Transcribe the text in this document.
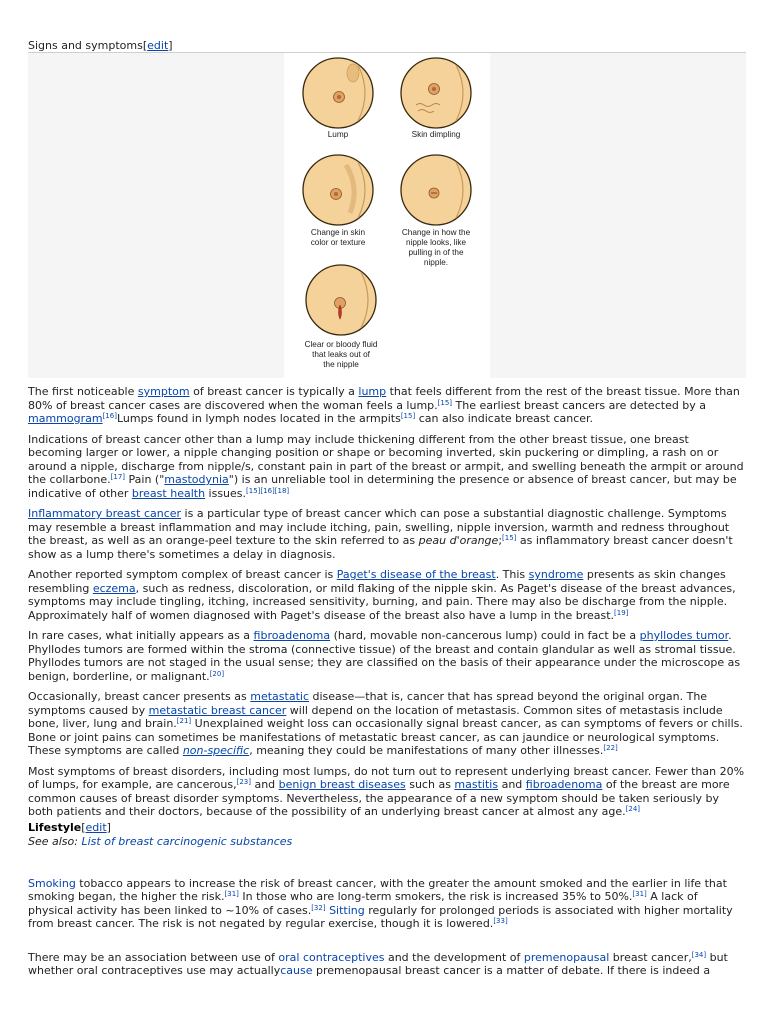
Signs and symptoms[edit]
Lump	Skin dimpling
Change in skin
color or texture
Change in how the
nipple looks, like
pulling in of the
nipple.
Clear or bloody fluid
that leaks out of
the nipple

The first noticeable symptom of breast cancer is typically a lump that feels different from the rest of the breast tissue. More than 80% of breast cancer cases are discovered when the woman feels a lump.[15] The earliest breast cancers are detected by a mammogram[16]Lumps found in lymph nodes located in the armpits[15] can also indicate breast cancer.

Indications of breast cancer other than a lump may include thickening different from the other breast tissue, one breast becoming larger or lower, a nipple changing position or shape or becoming inverted, skin puckering or dimpling, a rash on or around a nipple, discharge from nipple/s, constant pain in part of the breast or armpit, and swelling beneath the armpit or around the collarbone.[17] Pain ("mastodynia") is an unreliable tool in determining the presence or absence of breast cancer, but may be indicative of other breast health issues.[15][16][18]

Inflammatory breast cancer is a particular type of breast cancer which can pose a substantial diagnostic challenge. Symptoms may resemble a breast inflammation and may include itching, pain, swelling, nipple inversion, warmth and redness throughout the breast, as well as an orange-peel texture to the skin referred to as peau d'orange;[15] as inflammatory breast cancer doesn't show as a lump there's sometimes a delay in diagnosis.

Another reported symptom complex of breast cancer is Paget's disease of the breast. This syndrome presents as skin changes resembling eczema, such as redness, discoloration, or mild flaking of the nipple skin. As Paget's disease of the breast advances, symptoms may include tingling, itching, increased sensitivity, burning, and pain. There may also be discharge from the nipple. Approximately half of women diagnosed with Paget's disease of the breast also have a lump in the breast.[19]

In rare cases, what initially appears as a fibroadenoma (hard, movable non-cancerous lump) could in fact be a phyllodes tumor. Phyllodes tumors are formed within the stroma (connective tissue) of the breast and contain glandular as well as stromal tissue. Phyllodes tumors are not staged in the usual sense; they are classified on the basis of their appearance under the microscope as benign, borderline, or malignant.[20]

Occasionally, breast cancer presents as metastatic disease—that is, cancer that has spread beyond the original organ. The symptoms caused by metastatic breast cancer will depend on the location of metastasis. Common sites of metastasis include bone, liver, lung and brain.[21] Unexplained weight loss can occasionally signal breast cancer, as can symptoms of fevers or chills. Bone or joint pains can sometimes be manifestations of metastatic breast cancer, as can jaundice or neurological symptoms. These symptoms are called non-specific, meaning they could be manifestations of many other illnesses.[22]

Most symptoms of breast disorders, including most lumps, do not turn out to represent underlying breast cancer. Fewer than 20% of lumps, for example, are cancerous,[23] and benign breast diseases such as mastitis and fibroadenoma of the breast are more common causes of breast disorder symptoms. Nevertheless, the appearance of a new symptom should be taken seriously by both patients and their doctors, because of the possibility of an underlying breast cancer at almost any age.[24]

Lifestyle[edit]
See also: List of breast carcinogenic substances

Smoking tobacco appears to increase the risk of breast cancer, with the greater the amount smoked and the earlier in life that smoking began, the higher the risk.[31] In those who are long-term smokers, the risk is increased 35% to 50%.[31] A lack of physical activity has been linked to ~10% of cases.[32] Sitting regularly for prolonged periods is associated with higher mortality from breast cancer. The risk is not negated by regular exercise, though it is lowered.[33]

There may be an association between use of oral contraceptives and the development of premenopausal breast cancer,[34] but whether oral contraceptives use may actuallycause premenopausal breast cancer is a matter of debate. If there is indeed a
